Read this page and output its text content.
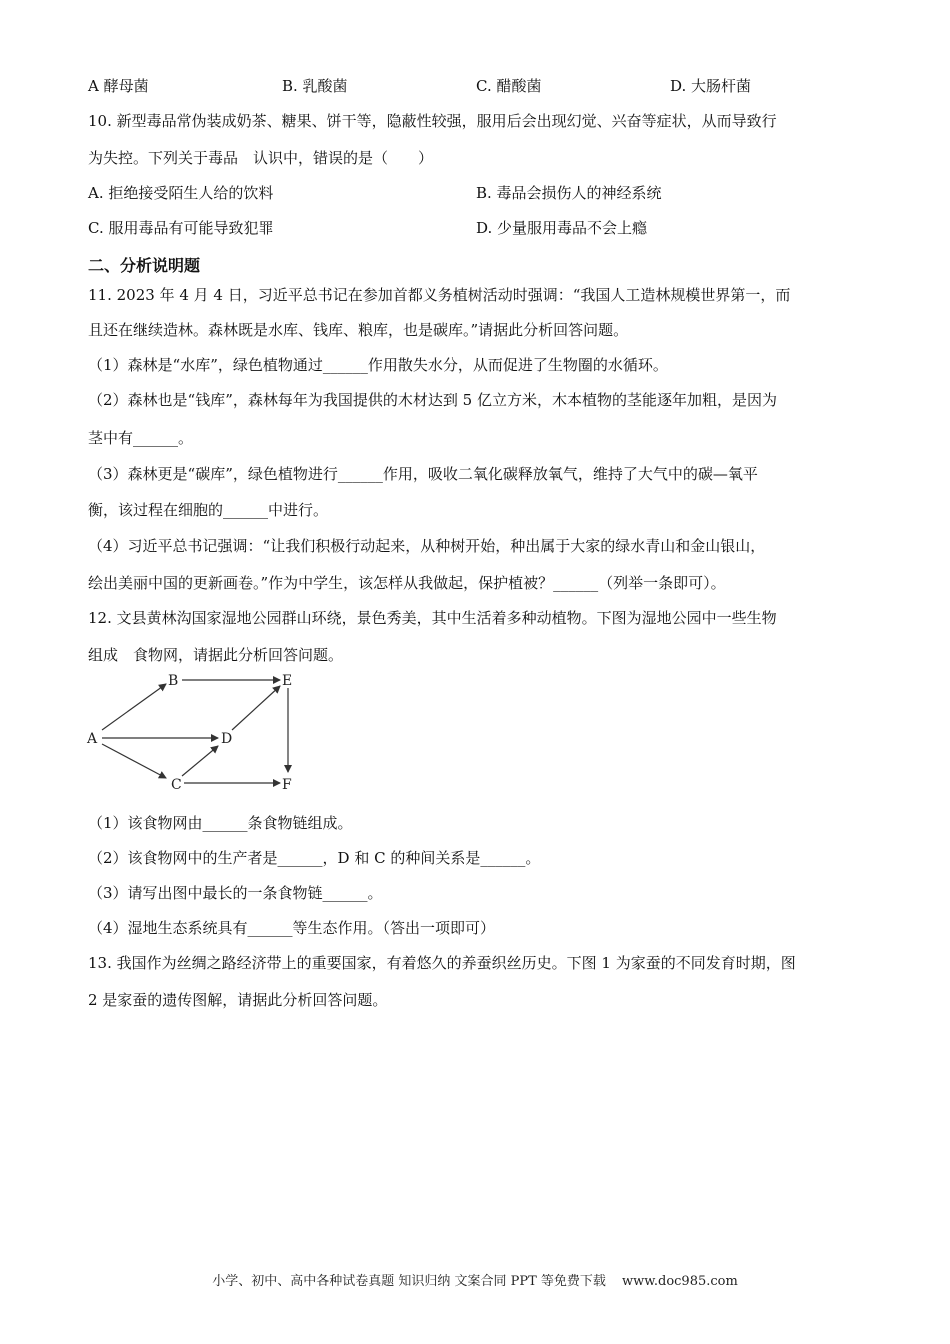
A 酵母菌	B. 乳酸菌	C. 醋酸菌	D. 大肠杆菌
10. 新型毒品常伪装成奶茶、糖果、饼干等，隐蔽性较强，服用后会出现幻觉、兴奋等症状，从而导致行
为失控。下列关于毒品　认识中，错误的是（　　）
A. 拒绝接受陌生人给的饮料	B. 毒品会损伤人的神经系统
C. 服用毒品有可能导致犯罪	D. 少量服用毒品不会上瘾
二、分析说明题
11. 2023 年 4 月 4 日，习近平总书记在参加首都义务植树活动时强调：“我国人工造林规模世界第一，而
且还在继续造林。森林既是水库、钱库、粮库，也是碳库。”请据此分析回答问题。
（1）森林是“水库”，绿色植物通过______作用散失水分，从而促进了生物圈的水循环。
（2）森林也是“钱库”，森林每年为我国提供的木材达到 5 亿立方米，木本植物的茎能逐年加粗，是因为
茎中有______。
（3）森林更是“碳库”，绿色植物进行______作用，吸收二氧化碳释放氧气，维持了大气中的碳—氧平
衡，该过程在细胞的______中进行。
（4）习近平总书记强调：“让我们积极行动起来，从种树开始，种出属于大家的绿水青山和金山银山，
绘出美丽中国的更新画卷。”作为中学生，该怎样从我做起，保护植被？______（列举一条即可）。
12. 文县黄林沟国家湿地公园群山环绕，景色秀美，其中生活着多种动植物。下图为湿地公园中一些生物
组成　食物网，请据此分析回答问题。
A
B
C
D
E
F
（1）该食物网由______条食物链组成。
（2）该食物网中的生产者是______，D 和 C 的种间关系是______。
（3）请写出图中最长的一条食物链______。
（4）湿地生态系统具有______等生态作用。（答出一项即可）
13. 我国作为丝绸之路经济带上的重要国家，有着悠久的养蚕织丝历史。下图 1 为家蚕的不同发育时期，图
2 是家蚕的遗传图解，请据此分析回答问题。
小学、初中、高中各种试卷真题 知识归纳 文案合同 PPT 等免费下载 www.doc985.com
